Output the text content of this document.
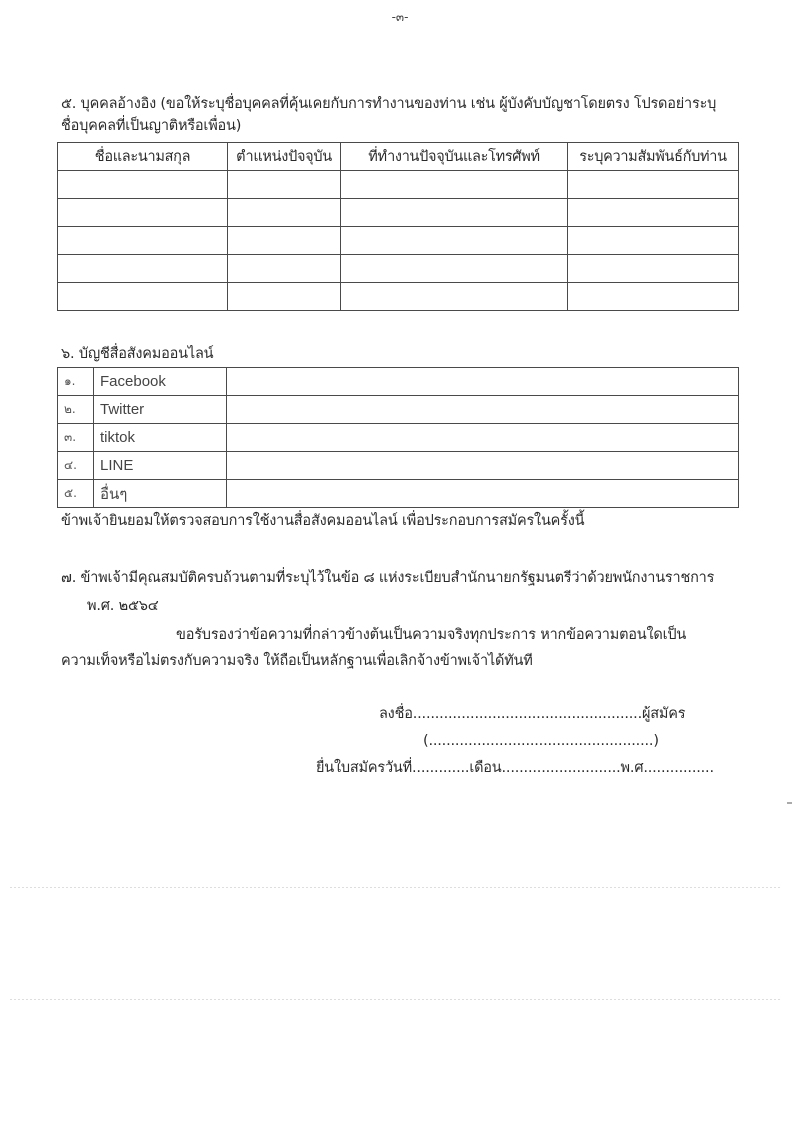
-๓-
๕. บุคคลอ้างอิง (ขอให้ระบุชื่อบุคคลที่คุ้นเคยกับการทำงานของท่าน เช่น ผู้บังคับบัญชาโดยตรง โปรดอย่าระบุ
ชื่อบุคคลที่เป็นญาติหรือเพื่อน)
ชื่อและนามสกุล	ตำแหน่งปัจจุบัน	ที่ทำงานปัจจุบันและโทรศัพท์	ระบุความสัมพันธ์กับท่าน

๖. บัญชีสื่อสังคมออนไลน์
๑.	Facebook	
๒.	Twitter	
๓.	tiktok	
๔.	LINE	
๕.	อื่นๆ	
ข้าพเจ้ายินยอมให้ตรวจสอบการใช้งานสื่อสังคมออนไลน์ เพื่อประกอบการสมัครในครั้งนี้
๗. ข้าพเจ้ามีคุณสมบัติครบถ้วนตามที่ระบุไว้ในข้อ ๘ แห่งระเบียบสำนักนายกรัฐมนตรีว่าด้วยพนักงานราชการ
พ.ศ. ๒๕๖๔
ขอรับรองว่าข้อความที่กล่าวข้างต้นเป็นความจริงทุกประการ หากข้อความตอนใดเป็น
ความเท็จหรือไม่ตรงกับความจริง ให้ถือเป็นหลักฐานเพื่อเลิกจ้างข้าพเจ้าได้ทันที
ลงชื่อ....................................................ผู้สมัคร
(...................................................)
ยื่นใบสมัครวันที่.............เดือน...........................พ.ศ................
